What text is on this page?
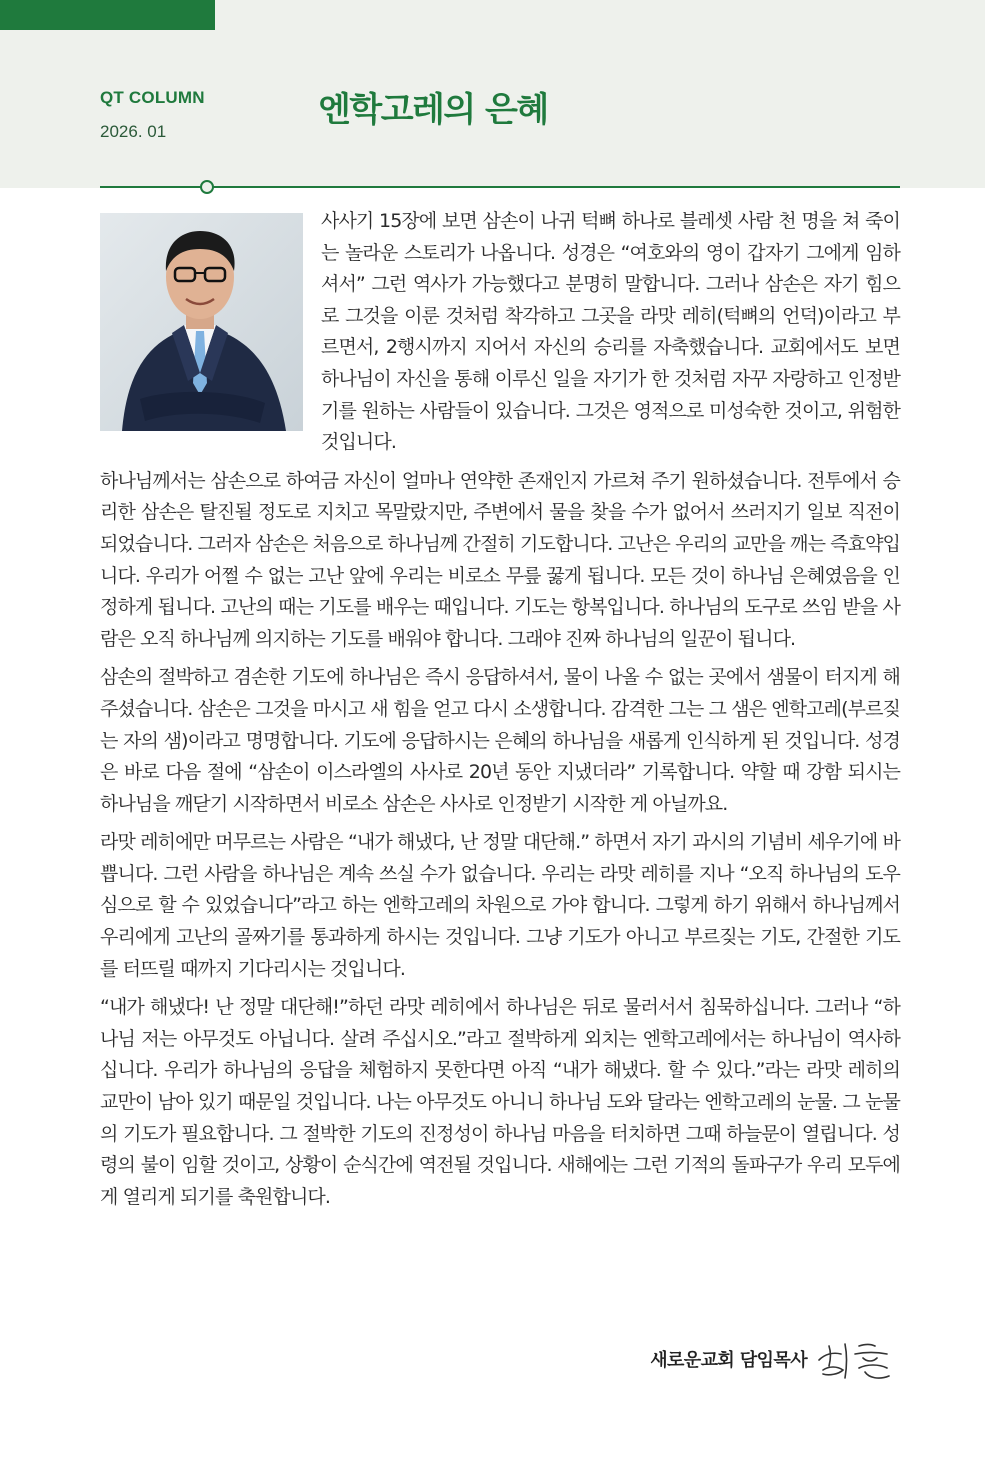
QT COLUMN
2026. 01
엔학고레의 은혜

사사기 15장에 보면 삼손이 나귀 턱뼈 하나로 블레셋 사람 천 명을 쳐 죽이는 놀라운 스토리가 나옵니다. 성경은 “여호와의 영이 갑자기 그에게 임하셔서” 그런 역사가 가능했다고 분명히 말합니다. 그러나 삼손은 자기 힘으로 그것을 이룬 것처럼 착각하고 그곳을 라맛 레히(턱뼈의 언덕)이라고 부르면서, 2행시까지 지어서 자신의 승리를 자축했습니다. 교회에서도 보면 하나님이 자신을 통해 이루신 일을 자기가 한 것처럼 자꾸 자랑하고 인정받기를 원하는 사람들이 있습니다. 그것은 영적으로 미성숙한 것이고, 위험한 것입니다.

하나님께서는 삼손으로 하여금 자신이 얼마나 연약한 존재인지 가르쳐 주기 원하셨습니다. 전투에서 승리한 삼손은 탈진될 정도로 지치고 목말랐지만, 주변에서 물을 찾을 수가 없어서 쓰러지기 일보 직전이 되었습니다. 그러자 삼손은 처음으로 하나님께 간절히 기도합니다. 고난은 우리의 교만을 깨는 즉효약입니다. 우리가 어쩔 수 없는 고난 앞에 우리는 비로소 무릎 꿇게 됩니다. 모든 것이 하나님 은혜였음을 인정하게 됩니다. 고난의 때는 기도를 배우는 때입니다. 기도는 항복입니다. 하나님의 도구로 쓰임 받을 사람은 오직 하나님께 의지하는 기도를 배워야 합니다. 그래야 진짜 하나님의 일꾼이 됩니다.

삼손의 절박하고 겸손한 기도에 하나님은 즉시 응답하셔서, 물이 나올 수 없는 곳에서 샘물이 터지게 해 주셨습니다. 삼손은 그것을 마시고 새 힘을 얻고 다시 소생합니다. 감격한 그는 그 샘은 엔학고레(부르짖는 자의 샘)이라고 명명합니다. 기도에 응답하시는 은혜의 하나님을 새롭게 인식하게 된 것입니다. 성경은 바로 다음 절에 “삼손이 이스라엘의 사사로 20년 동안 지냈더라” 기록합니다. 약할 때 강함 되시는 하나님을 깨닫기 시작하면서 비로소 삼손은 사사로 인정받기 시작한 게 아닐까요.

라맛 레히에만 머무르는 사람은 “내가 해냈다, 난 정말 대단해.” 하면서 자기 과시의 기념비 세우기에 바쁩니다. 그런 사람을 하나님은 계속 쓰실 수가 없습니다. 우리는 라맛 레히를 지나 “오직 하나님의 도우심으로 할 수 있었습니다”라고 하는 엔학고레의 차원으로 가야 합니다. 그렇게 하기 위해서 하나님께서 우리에게 고난의 골짜기를 통과하게 하시는 것입니다. 그냥 기도가 아니고 부르짖는 기도, 간절한 기도를 터뜨릴 때까지 기다리시는 것입니다.

“내가 해냈다! 난 정말 대단해!”하던 라맛 레히에서 하나님은 뒤로 물러서서 침묵하십니다. 그러나 “하나님 저는 아무것도 아닙니다. 살려 주십시오.”라고 절박하게 외치는 엔학고레에서는 하나님이 역사하십니다. 우리가 하나님의 응답을 체험하지 못한다면 아직 “내가 해냈다. 할 수 있다.”라는 라맛 레히의 교만이 남아 있기 때문일 것입니다. 나는 아무것도 아니니 하나님 도와 달라는 엔학고레의 눈물. 그 눈물의 기도가 필요합니다. 그 절박한 기도의 진정성이 하나님 마음을 터치하면 그때 하늘문이 열립니다. 성령의 불이 임할 것이고, 상황이 순식간에 역전될 것입니다. 새해에는 그런 기적의 돌파구가 우리 모두에게 열리게 되기를 축원합니다.

새로운교회 담임목사
